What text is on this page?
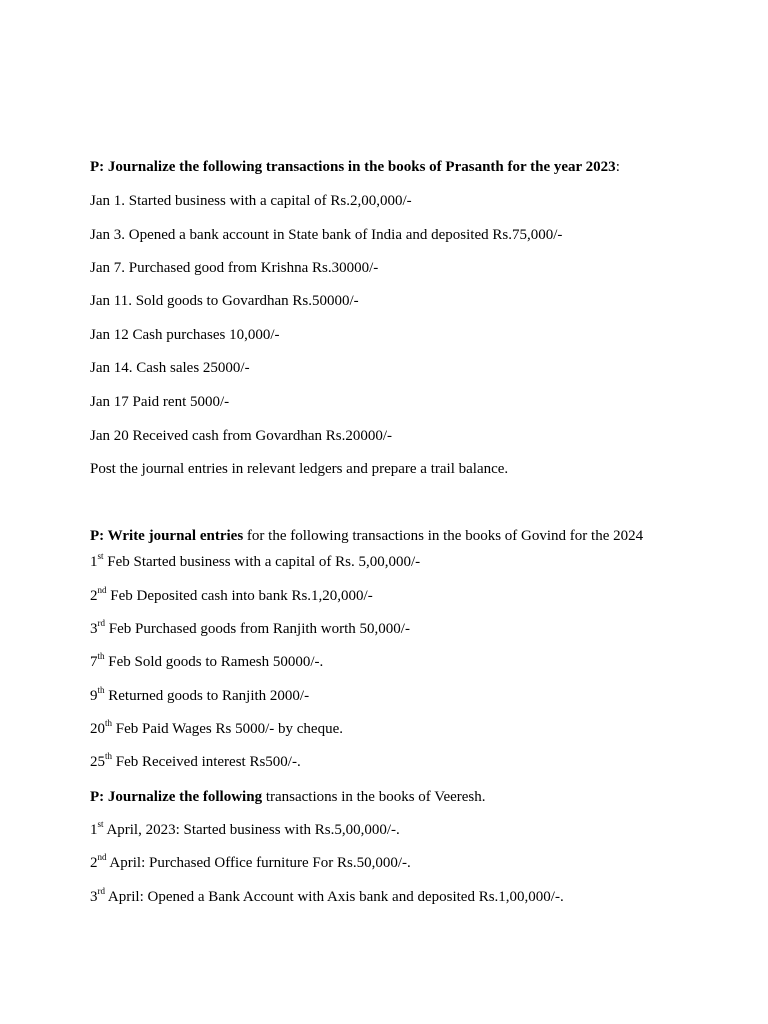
P: Journalize the following transactions in the books of Prasanth for the year 2023:
Jan 1. Started business with a capital of Rs.2,00,000/-
Jan 3. Opened a bank account in State bank of India and deposited Rs.75,000/-
Jan 7. Purchased good from Krishna Rs.30000/-
Jan 11. Sold goods to Govardhan Rs.50000/-
Jan 12 Cash purchases 10,000/-
Jan 14. Cash sales 25000/-
Jan 17 Paid rent 5000/-
Jan 20 Received cash from Govardhan Rs.20000/-
Post the journal entries in relevant ledgers and prepare a trail balance.
P: Write journal entries for the following transactions in the books of Govind for the 2024
1st Feb Started business with a capital of Rs. 5,00,000/-
2nd Feb Deposited cash into bank Rs.1,20,000/-
3rd Feb Purchased goods from Ranjith worth 50,000/-
7th Feb Sold goods to Ramesh 50000/-.
9th Returned goods to Ranjith 2000/-
20th Feb Paid Wages Rs 5000/- by cheque.
25th Feb Received interest Rs500/-.
P: Journalize the following transactions in the books of Veeresh.
1st April, 2023: Started business with Rs.5,00,000/-.
2nd April: Purchased Office furniture For Rs.50,000/-.
3rd April: Opened a Bank Account with Axis bank and deposited Rs.1,00,000/-.
